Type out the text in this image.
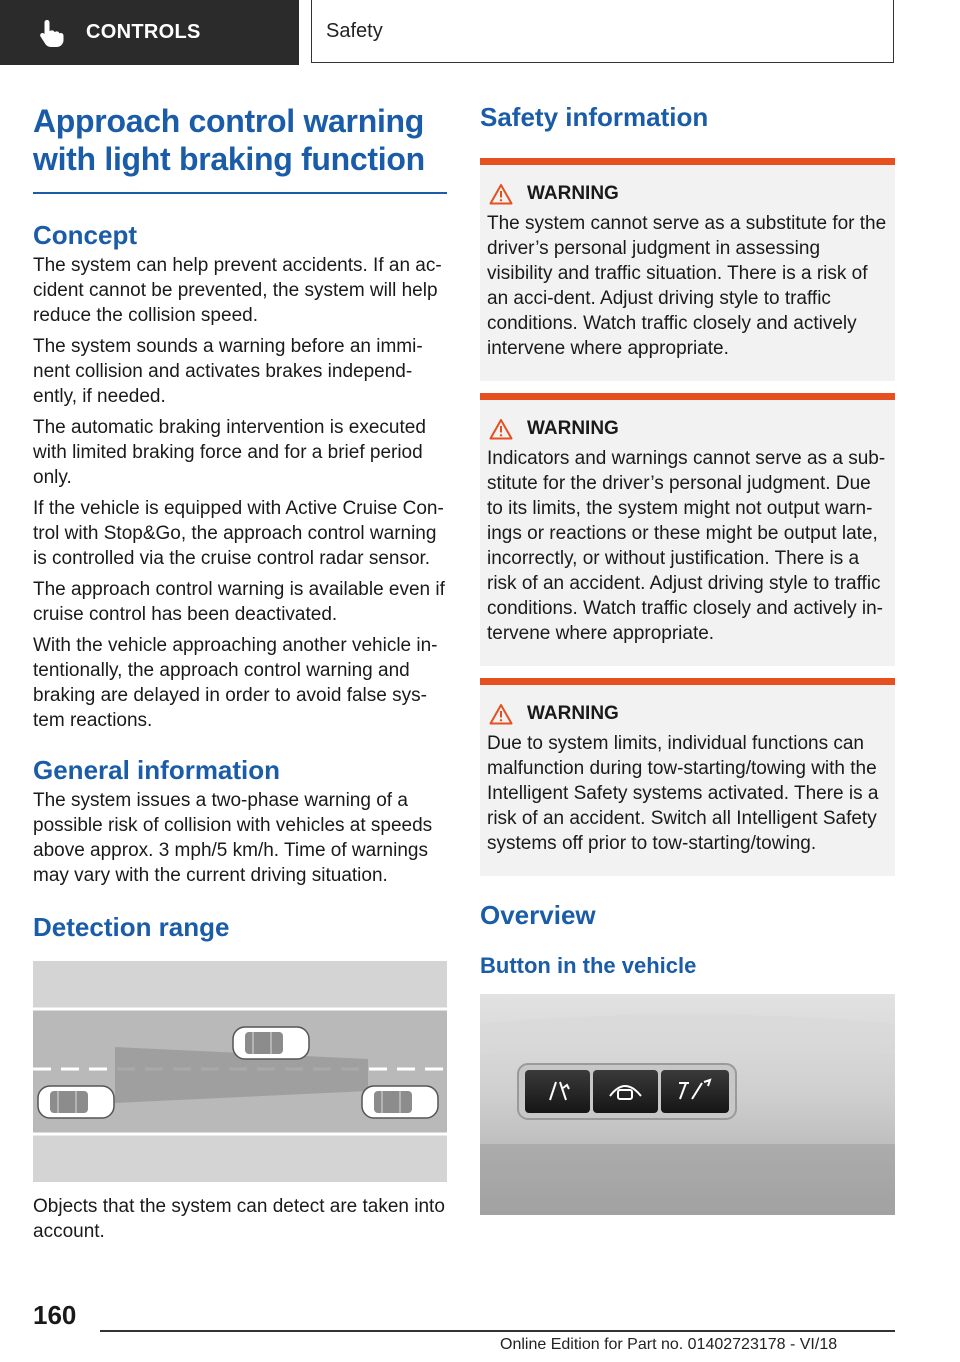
CONTROLS	Safety
Approach control warning with light braking function
Concept

The system can help prevent accidents. If an ac-cident cannot be prevented, the system will help reduce the collision speed.

The system sounds a warning before an immi-nent collision and activates brakes independ-ently, if needed.

The automatic braking intervention is executed with limited braking force and for a brief period only.

If the vehicle is equipped with Active Cruise Con-trol with Stop&Go, the approach control warning is controlled via the cruise control radar sensor.

The approach control warning is available even if cruise control has been deactivated.

With the vehicle approaching another vehicle in-tentionally, the approach control warning and braking are delayed in order to avoid false sys-tem reactions.

General information

The system issues a two-phase warning of a possible risk of collision with vehicles at speeds above approx. 3 mph/5 km/h. Time of warnings may vary with the current driving situation.

Detection range

Objects that the system can detect are taken into account.

Safety information
WARNING

The system cannot serve as a substitute for the driver’s personal judgment in assessing visibility and traffic situation. There is a risk of an acci-dent. Adjust driving style to traffic conditions. Watch traffic closely and actively intervene where appropriate.

WARNING

Indicators and warnings cannot serve as a sub-stitute for the driver’s personal judgment. Due to its limits, the system might not output warn-ings or reactions or these might be output late, incorrectly, or without justification. There is a risk of an accident. Adjust driving style to traffic conditions. Watch traffic closely and actively in-tervene where appropriate.

WARNING

Due to system limits, individual functions can malfunction during tow-starting/towing with the Intelligent Safety systems activated. There is a risk of an accident. Switch all Intelligent Safety systems off prior to tow-starting/towing.

Overview
Button in the vehicle
160
Online Edition for Part no. 01402723178 - VI/18
